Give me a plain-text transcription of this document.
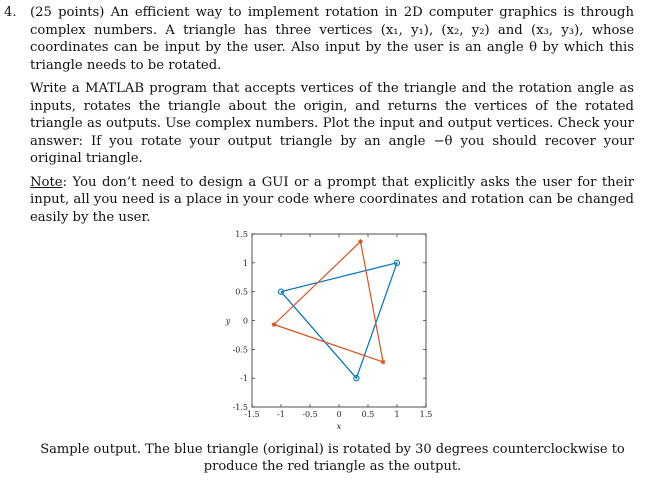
4.	(25 points) An efficient way to implement rotation in 2D computer graphics is through complex numbers. A triangle has three vertices (x₁, y₁), (x₂, y₂) and (x₃, y₃), whose coordinates can be input by the user. Also input by the user is an angle θ by which this triangle needs to be rotated.

Write a MATLAB program that accepts vertices of the triangle and the rotation angle as inputs, rotates the triangle about the origin, and returns the vertices of the rotated triangle as outputs. Use complex numbers. Plot the input and output vertices. Check your answer: If you rotate your output triangle by an angle −θ you should recover your original triangle.

Note: You don’t need to design a GUI or a prompt that explicitly asks the user for their input, all you need is a place in your code where coordinates and rotation can be changed easily by the user.

-1.5 -1 -0.5 0	0.5	1	1.5
1.5
1
0.5
0
-0.5
-1
-1.5
x
y

Sample output. The blue triangle (original) is rotated by 30 degrees counterclockwise to produce the red triangle as the output.
